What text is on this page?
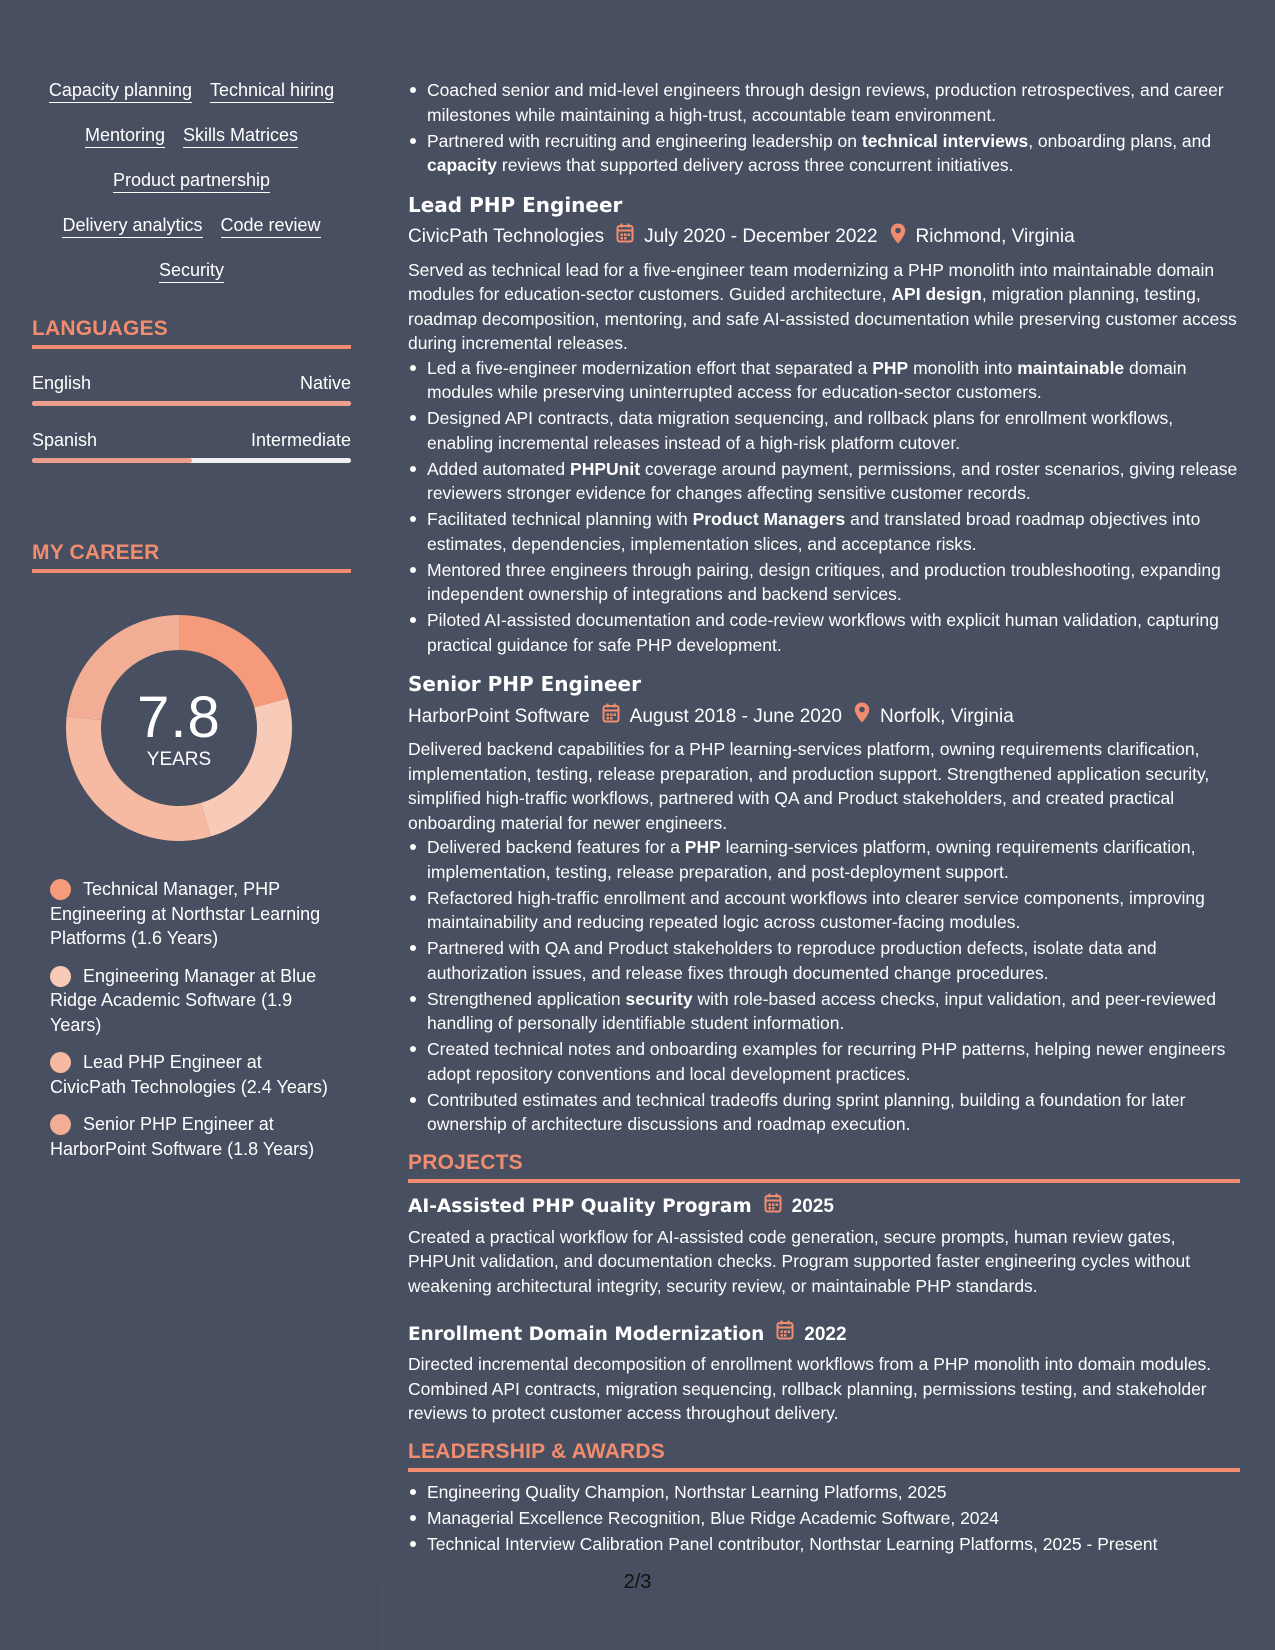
Capacity planning Technical hiring
Mentoring Skills Matrices
Product partnership
Delivery analytics Code review
Security
LANGUAGES
English	Native
Spanish	Intermediate
MY CAREER
7.8
YEARS
Technical Manager, PHP Engineering at Northstar Learning Platforms (1.6 Years)
Engineering Manager at Blue Ridge Academic Software (1.9 Years)
Lead PHP Engineer at CivicPath Technologies (2.4 Years)
Senior PHP Engineer at HarborPoint Software (1.8 Years)
Coached senior and mid-level engineers through design reviews, production retrospectives, and career milestones while maintaining a high-trust, accountable team environment.
Partnered with recruiting and engineering leadership on technical interviews, onboarding plans, and capacity reviews that supported delivery across three concurrent initiatives.
Lead PHP Engineer
CivicPath Technologies July 2020 - December 2022 Richmond, Virginia
Served as technical lead for a five-engineer team modernizing a PHP monolith into maintainable domain modules for education-sector customers. Guided architecture, API design, migration planning, testing, roadmap decomposition, mentoring, and safe AI-assisted documentation while preserving customer access during incremental releases.
Led a five-engineer modernization effort that separated a PHP monolith into maintainable domain modules while preserving uninterrupted access for education-sector customers.
Designed API contracts, data migration sequencing, and rollback plans for enrollment workflows, enabling incremental releases instead of a high-risk platform cutover.
Added automated PHPUnit coverage around payment, permissions, and roster scenarios, giving release reviewers stronger evidence for changes affecting sensitive customer records.
Facilitated technical planning with Product Managers and translated broad roadmap objectives into estimates, dependencies, implementation slices, and acceptance risks.
Mentored three engineers through pairing, design critiques, and production troubleshooting, expanding independent ownership of integrations and backend services.
Piloted AI-assisted documentation and code-review workflows with explicit human validation, capturing practical guidance for safe PHP development.
Senior PHP Engineer
HarborPoint Software August 2018 - June 2020 Norfolk, Virginia
Delivered backend capabilities for a PHP learning-services platform, owning requirements clarification, implementation, testing, release preparation, and production support. Strengthened application security, simplified high-traffic workflows, partnered with QA and Product stakeholders, and created practical onboarding material for newer engineers.
Delivered backend features for a PHP learning-services platform, owning requirements clarification, implementation, testing, release preparation, and post-deployment support.
Refactored high-traffic enrollment and account workflows into clearer service components, improving maintainability and reducing repeated logic across customer-facing modules.
Partnered with QA and Product stakeholders to reproduce production defects, isolate data and authorization issues, and release fixes through documented change procedures.
Strengthened application security with role-based access checks, input validation, and peer-reviewed handling of personally identifiable student information.
Created technical notes and onboarding examples for recurring PHP patterns, helping newer engineers adopt repository conventions and local development practices.
Contributed estimates and technical tradeoffs during sprint planning, building a foundation for later ownership of architecture discussions and roadmap execution.
PROJECTS
AI-Assisted PHP Quality Program 2025
Created a practical workflow for AI-assisted code generation, secure prompts, human review gates, PHPUnit validation, and documentation checks. Program supported faster engineering cycles without weakening architectural integrity, security review, or maintainable PHP standards.
Enrollment Domain Modernization 2022
Directed incremental decomposition of enrollment workflows from a PHP monolith into domain modules. Combined API contracts, migration sequencing, rollback planning, permissions testing, and stakeholder reviews to protect customer access throughout delivery.
LEADERSHIP & AWARDS
Engineering Quality Champion, Northstar Learning Platforms, 2025
Managerial Excellence Recognition, Blue Ridge Academic Software, 2024
Technical Interview Calibration Panel contributor, Northstar Learning Platforms, 2025 - Present
2/3
